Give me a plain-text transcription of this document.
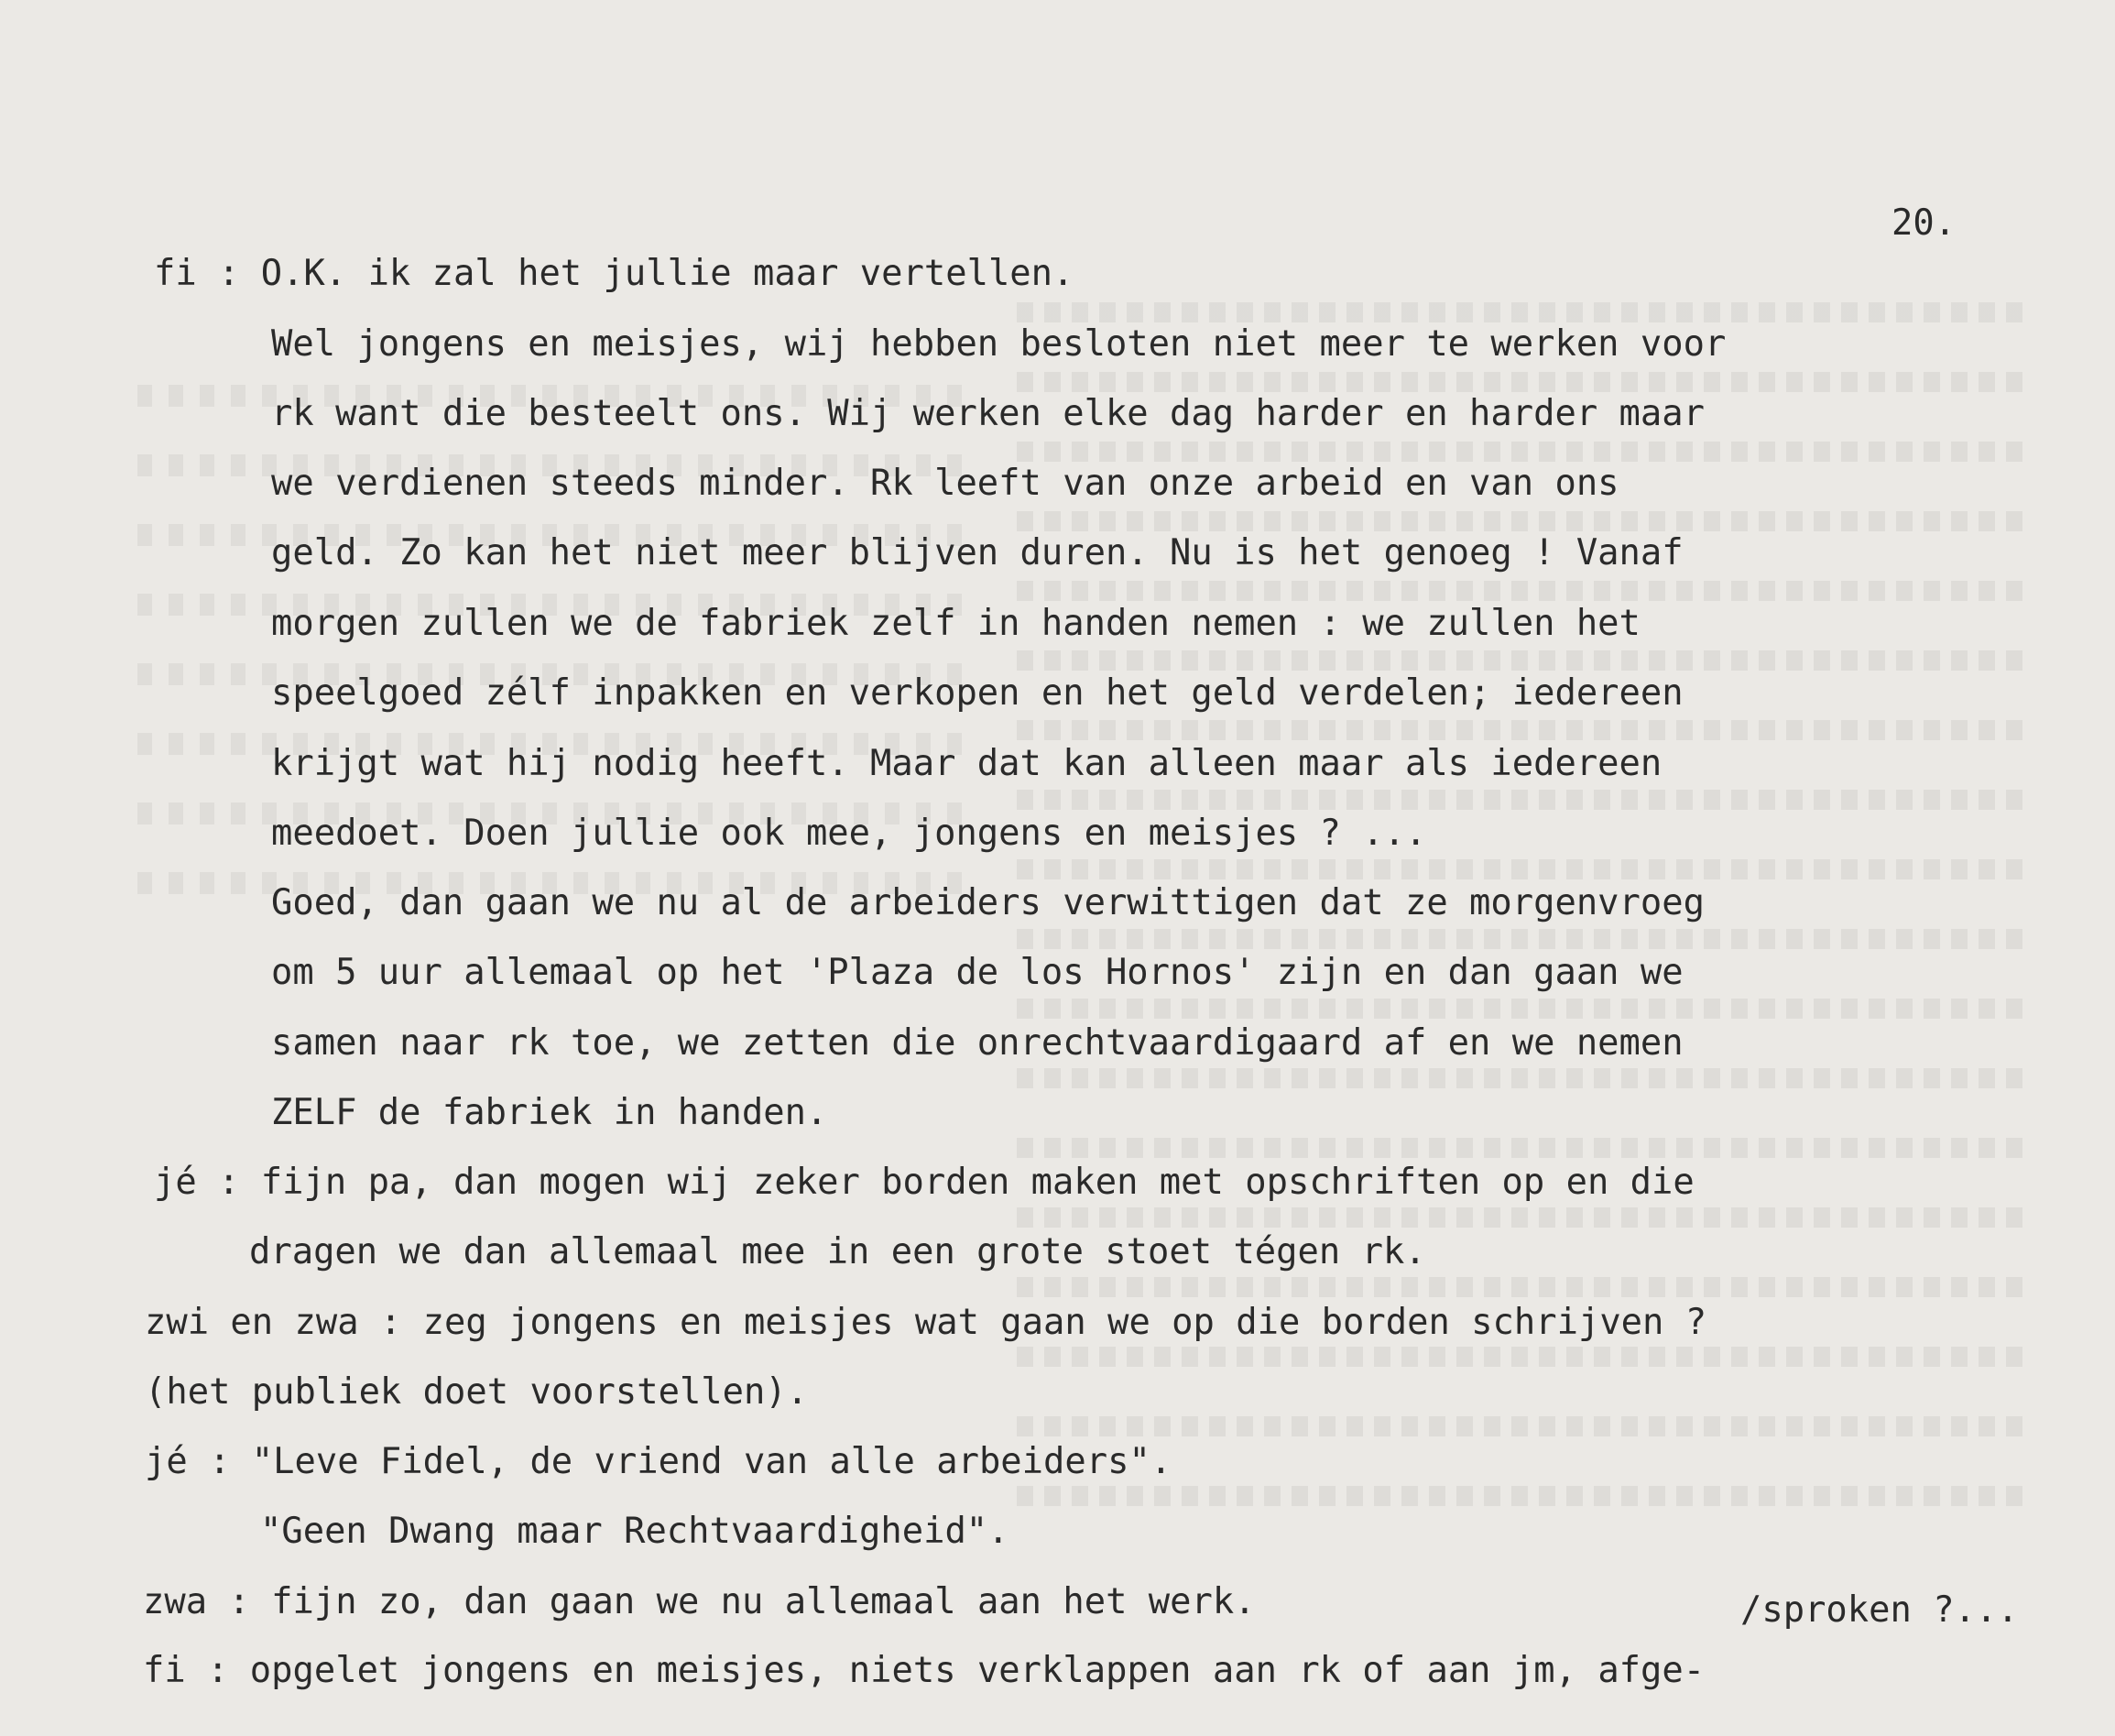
20.
fi : O.K. ik zal het jullie maar vertellen.
Wel jongens en meisjes, wij hebben besloten niet meer te werken voor
rk want die besteelt ons. Wij werken elke dag harder en harder maar
we verdienen steeds minder. Rk leeft van onze arbeid en van ons
geld. Zo kan het niet meer blijven duren. Nu is het genoeg ! Vanaf
morgen zullen we de fabriek zelf in handen nemen : we zullen het
speelgoed zélf inpakken en verkopen en het geld verdelen; iedereen
krijgt wat hij nodig heeft. Maar dat kan alleen maar als iedereen
meedoet. Doen jullie ook mee, jongens en meisjes ? ...
Goed, dan gaan we nu al de arbeiders verwittigen dat ze morgenvroeg
om 5 uur allemaal op het 'Plaza de los Hornos' zijn en dan gaan we
samen naar rk toe, we zetten die onrechtvaardigaard af en we nemen
ZELF de fabriek in handen.
jé : fijn pa, dan mogen wij zeker borden maken met opschriften op en die
dragen we dan allemaal mee in een grote stoet tégen rk.
zwi en zwa : zeg jongens en meisjes wat gaan we op die borden schrijven ?
(het publiek doet voorstellen).
jé : "Leve Fidel, de vriend van alle arbeiders".
"Geen Dwang maar Rechtvaardigheid".
zwa : fijn zo, dan gaan we nu allemaal aan het werk.	/sproken ?...
fi : opgelet jongens en meisjes, niets verklappen aan rk of aan jm, afge-
